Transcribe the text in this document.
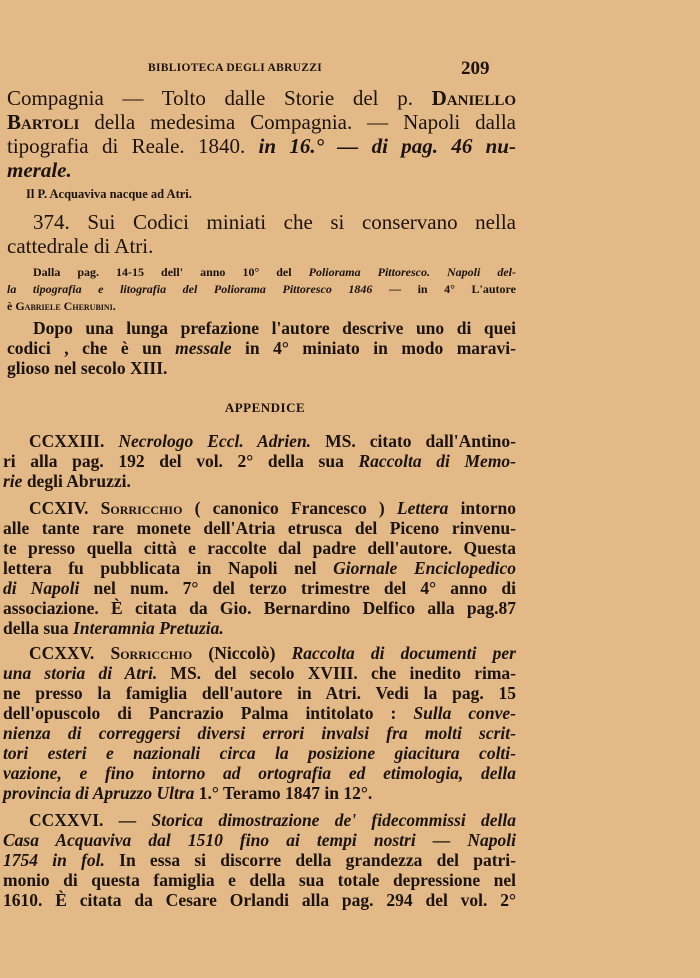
BIBLIOTECA DEGLI ABRUZZI	209
Compagnia — Tolto dalle Storie del p. Daniello
Bartoli della medesima Compagnia. — Napoli dalla
tipografia di Reale. 1840. in 16.° — di pag. 46 nu-
merale.
Il P. Acquaviva nacque ad Atri.
374. Sui Codici miniati che si conservano nella
cattedrale di Atri.
Dalla pag. 14-15 dell' anno 10° del Poliorama Pittoresco. Napoli del-
la tipografia e litografia del Poliorama Pittoresco 1846 — in 4° L'autore
è Gabriele Cherubini.
Dopo una lunga prefazione l'autore descrive uno di quei
codici , che è un messale in 4° miniato in modo maravi-
glioso nel secolo XIII.
APPENDICE
CCXXIII. Necrologo Eccl. Adrien. MS. citato dall'Antino-
ri alla pag. 192 del vol. 2° della sua Raccolta di Memo-
rie degli Abruzzi.
CCXIV. Sorricchio ( canonico Francesco ) Lettera intorno
alle tante rare monete dell'Atria etrusca del Piceno rinvenu-
te presso quella città e raccolte dal padre dell'autore. Questa
lettera fu pubblicata in Napoli nel Giornale Enciclopedico
di Napoli nel num. 7° del terzo trimestre del 4° anno di
associazione. È citata da Gio. Bernardino Delfico alla pag.87
della sua Interamnia Pretuzia.
CCXXV. Sorricchio (Niccolò) Raccolta di documenti per
una storia di Atri. MS. del secolo XVIII. che inedito rima-
ne presso la famiglia dell'autore in Atri. Vedi la pag. 15
dell'opuscolo di Pancrazio Palma intitolato : Sulla conve-
nienza di correggersi diversi errori invalsi fra molti scrit-
tori esteri e nazionali circa la posizione giacitura colti-
vazione, e fino intorno ad ortografia ed etimologia, della
provincia di Apruzzo Ultra 1.° Teramo 1847 in 12°.
CCXXVI. — Storica dimostrazione de' fidecommissi della
Casa Acquaviva dal 1510 fino ai tempi nostri — Napoli
1754 in fol. In essa si discorre della grandezza del patri-
monio di questa famiglia e della sua totale depressione nel
1610. È citata da Cesare Orlandi alla pag. 294 del vol. 2°
